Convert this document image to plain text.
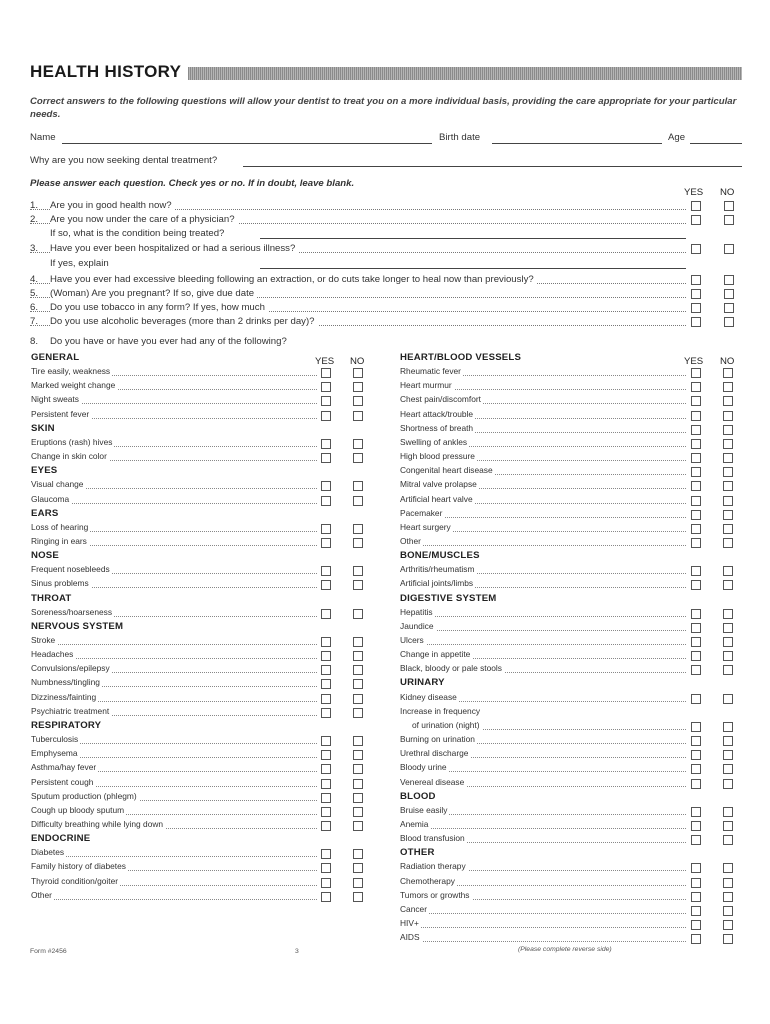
HEALTH HISTORY
Correct answers to the following questions will allow your dentist to treat you on a more individual basis, providing the care appropriate for your particular needs.
Name	Birth date	Age
Why are you now seeking dental treatment?
Please answer each question. Check yes or no. If in doubt, leave blank.
YES NO
1. Are you in good health now?
2. Are you now under the care of a physician?
If so, what is the condition being treated?
3. Have you ever been hospitalized or had a serious illness?
If yes, explain
4. Have you ever had excessive bleeding following an extraction, or do cuts take longer to heal now than previously?
5. (Woman) Are you pregnant? If so, give due date
6. Do you use tobacco in any form? If yes, how much
7. Do you use alcoholic beverages (more than 2 drinks per day)?
8. Do you have or have you ever had any of the following?
YES NO	YES NO
GENERAL
Tire easily, weakness
Marked weight change
Night sweats
Persistent fever
SKIN
Eruptions (rash) hives
Change in skin color
EYES
Visual change
Glaucoma
EARS
Loss of hearing
Ringing in ears
NOSE
Frequent nosebleeds
Sinus problems
THROAT
Soreness/hoarseness
NERVOUS SYSTEM
Stroke
Headaches
Convulsions/epilepsy
Numbness/tingling
Dizziness/fainting
Psychiatric treatment
RESPIRATORY
Tuberculosis
Emphysema
Asthma/hay fever
Persistent cough
Sputum production (phlegm)
Cough up bloody sputum
Difficulty breathing while lying down
ENDOCRINE
Diabetes
Family history of diabetes
Thyroid condition/goiter
Other
HEART/BLOOD VESSELS
Rheumatic fever
Heart murmur
Chest pain/discomfort
Heart attack/trouble
Shortness of breath
Swelling of ankles
High blood pressure
Congenital heart disease
Mitral valve prolapse
Artificial heart valve
Pacemaker
Heart surgery
Other
BONE/MUSCLES
Arthritis/rheumatism
Artificial joints/limbs
DIGESTIVE SYSTEM
Hepatitis
Jaundice
Ulcers
Change in appetite
Black, bloody or pale stools
URINARY
Kidney disease
Increase in frequency
of urination (night)
Burning on urination
Urethral discharge
Bloody urine
Venereal disease
BLOOD
Bruise easily
Anemia
Blood transfusion
OTHER
Radiation therapy
Chemotherapy
Tumors or growths
Cancer
HIV+
AIDS
Form #2456	3	(Please complete reverse side)
